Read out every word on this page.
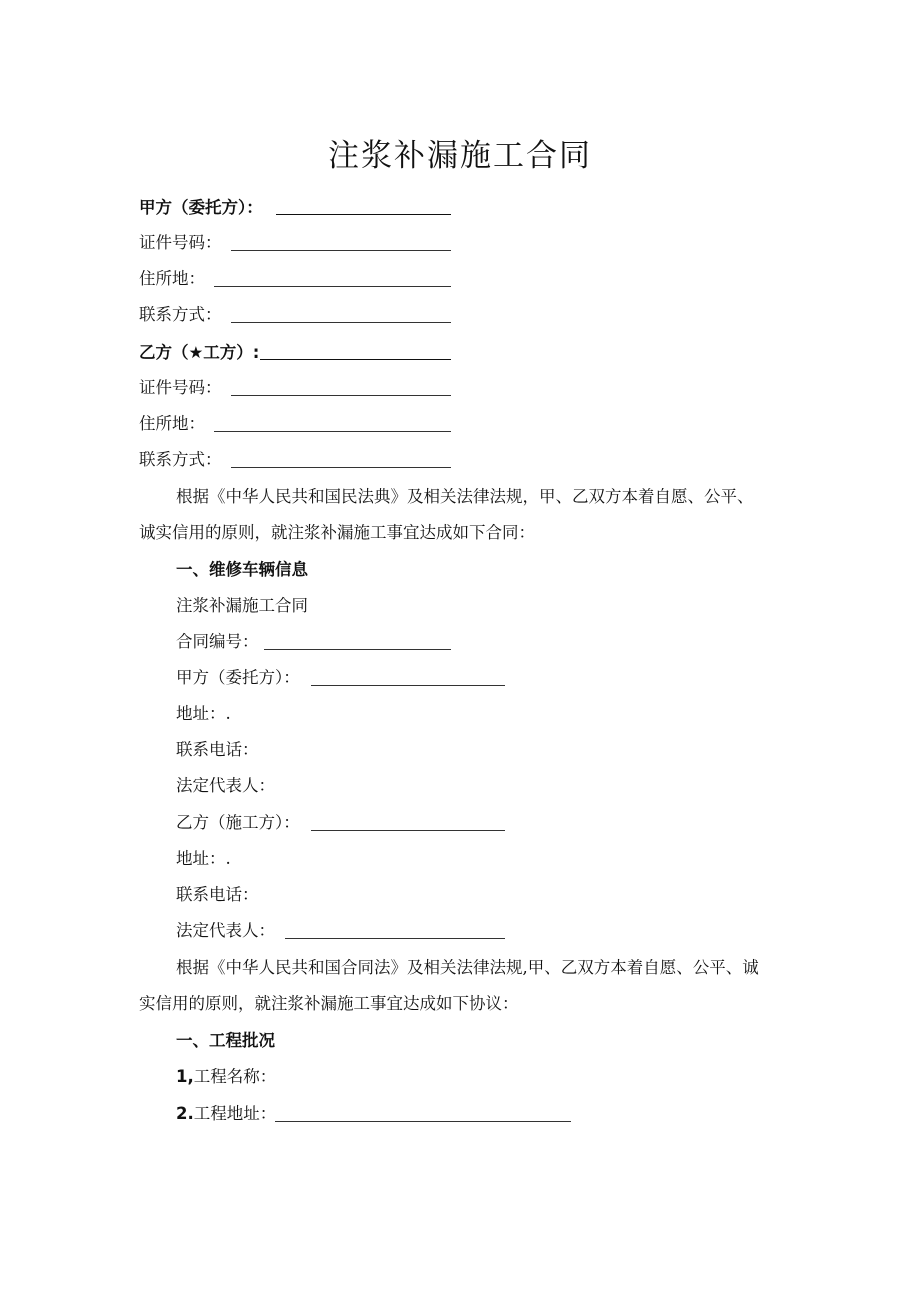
注浆补漏施工合同
甲方（委托方）：
证件号码：
住所地：
联系方式：
乙方（★工方）:
证件号码：
住所地：
联系方式：
根据《中华人民共和国民法典》及相关法律法规，甲、乙双方本着自愿、公平、
诚实信用的原则，就注浆补漏施工事宜达成如下合同：
一、维修车辆信息
注浆补漏施工合同
合同编号：
甲方（委托方）：
地址：.
联系电话：
法定代表人：
乙方（施工方）：
地址：.
联系电话：
法定代表人：
根据《中华人民共和国合同法》及相关法律法规,甲、乙双方本着自愿、公平、诚
实信用的原则，就注浆补漏施工事宜达成如下协议：
一、工程批况
1,工程名称：
2.工程地址：
